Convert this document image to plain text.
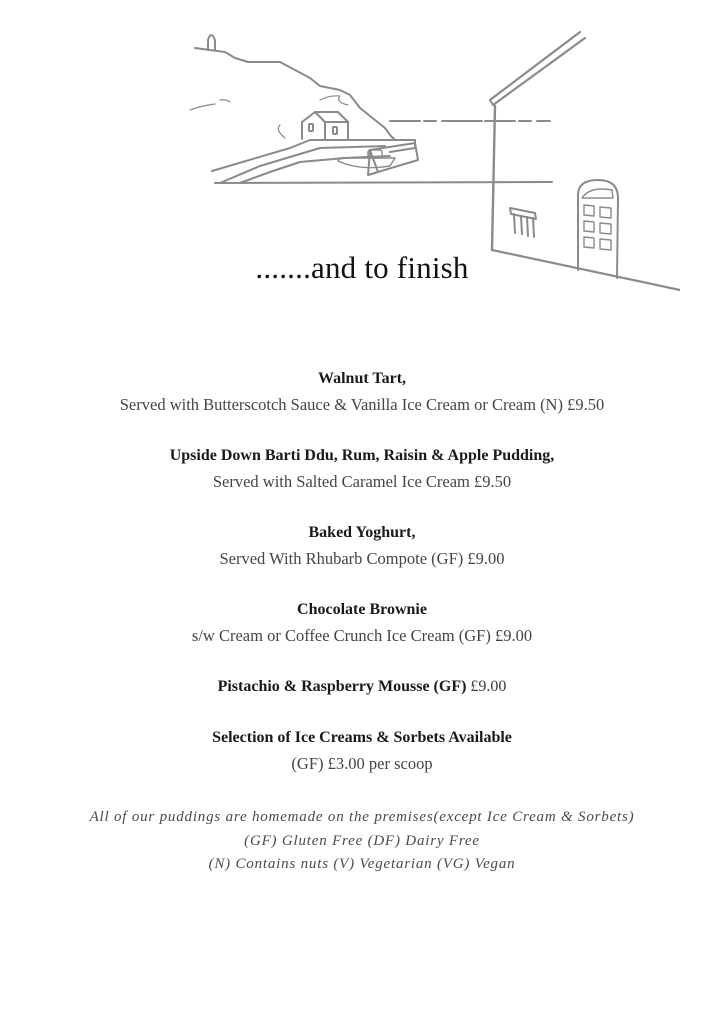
.......and to finish
Walnut Tart,
Served with Butterscotch Sauce & Vanilla Ice Cream or Cream (N) £9.50
Upside Down Barti Ddu, Rum, Raisin & Apple Pudding,
Served with Salted Caramel Ice Cream £9.50
Baked Yoghurt,
Served With Rhubarb Compote (GF) £9.00
Chocolate Brownie
s/w Cream or Coffee Crunch Ice Cream (GF) £9.00
Pistachio & Raspberry Mousse (GF) £9.00
Selection of Ice Creams & Sorbets Available
(GF) £3.00 per scoop
All of our puddings are homemade on the premises(except Ice Cream & Sorbets)
(GF) Gluten Free (DF) Dairy Free
(N) Contains nuts (V) Vegetarian (VG) Vegan
